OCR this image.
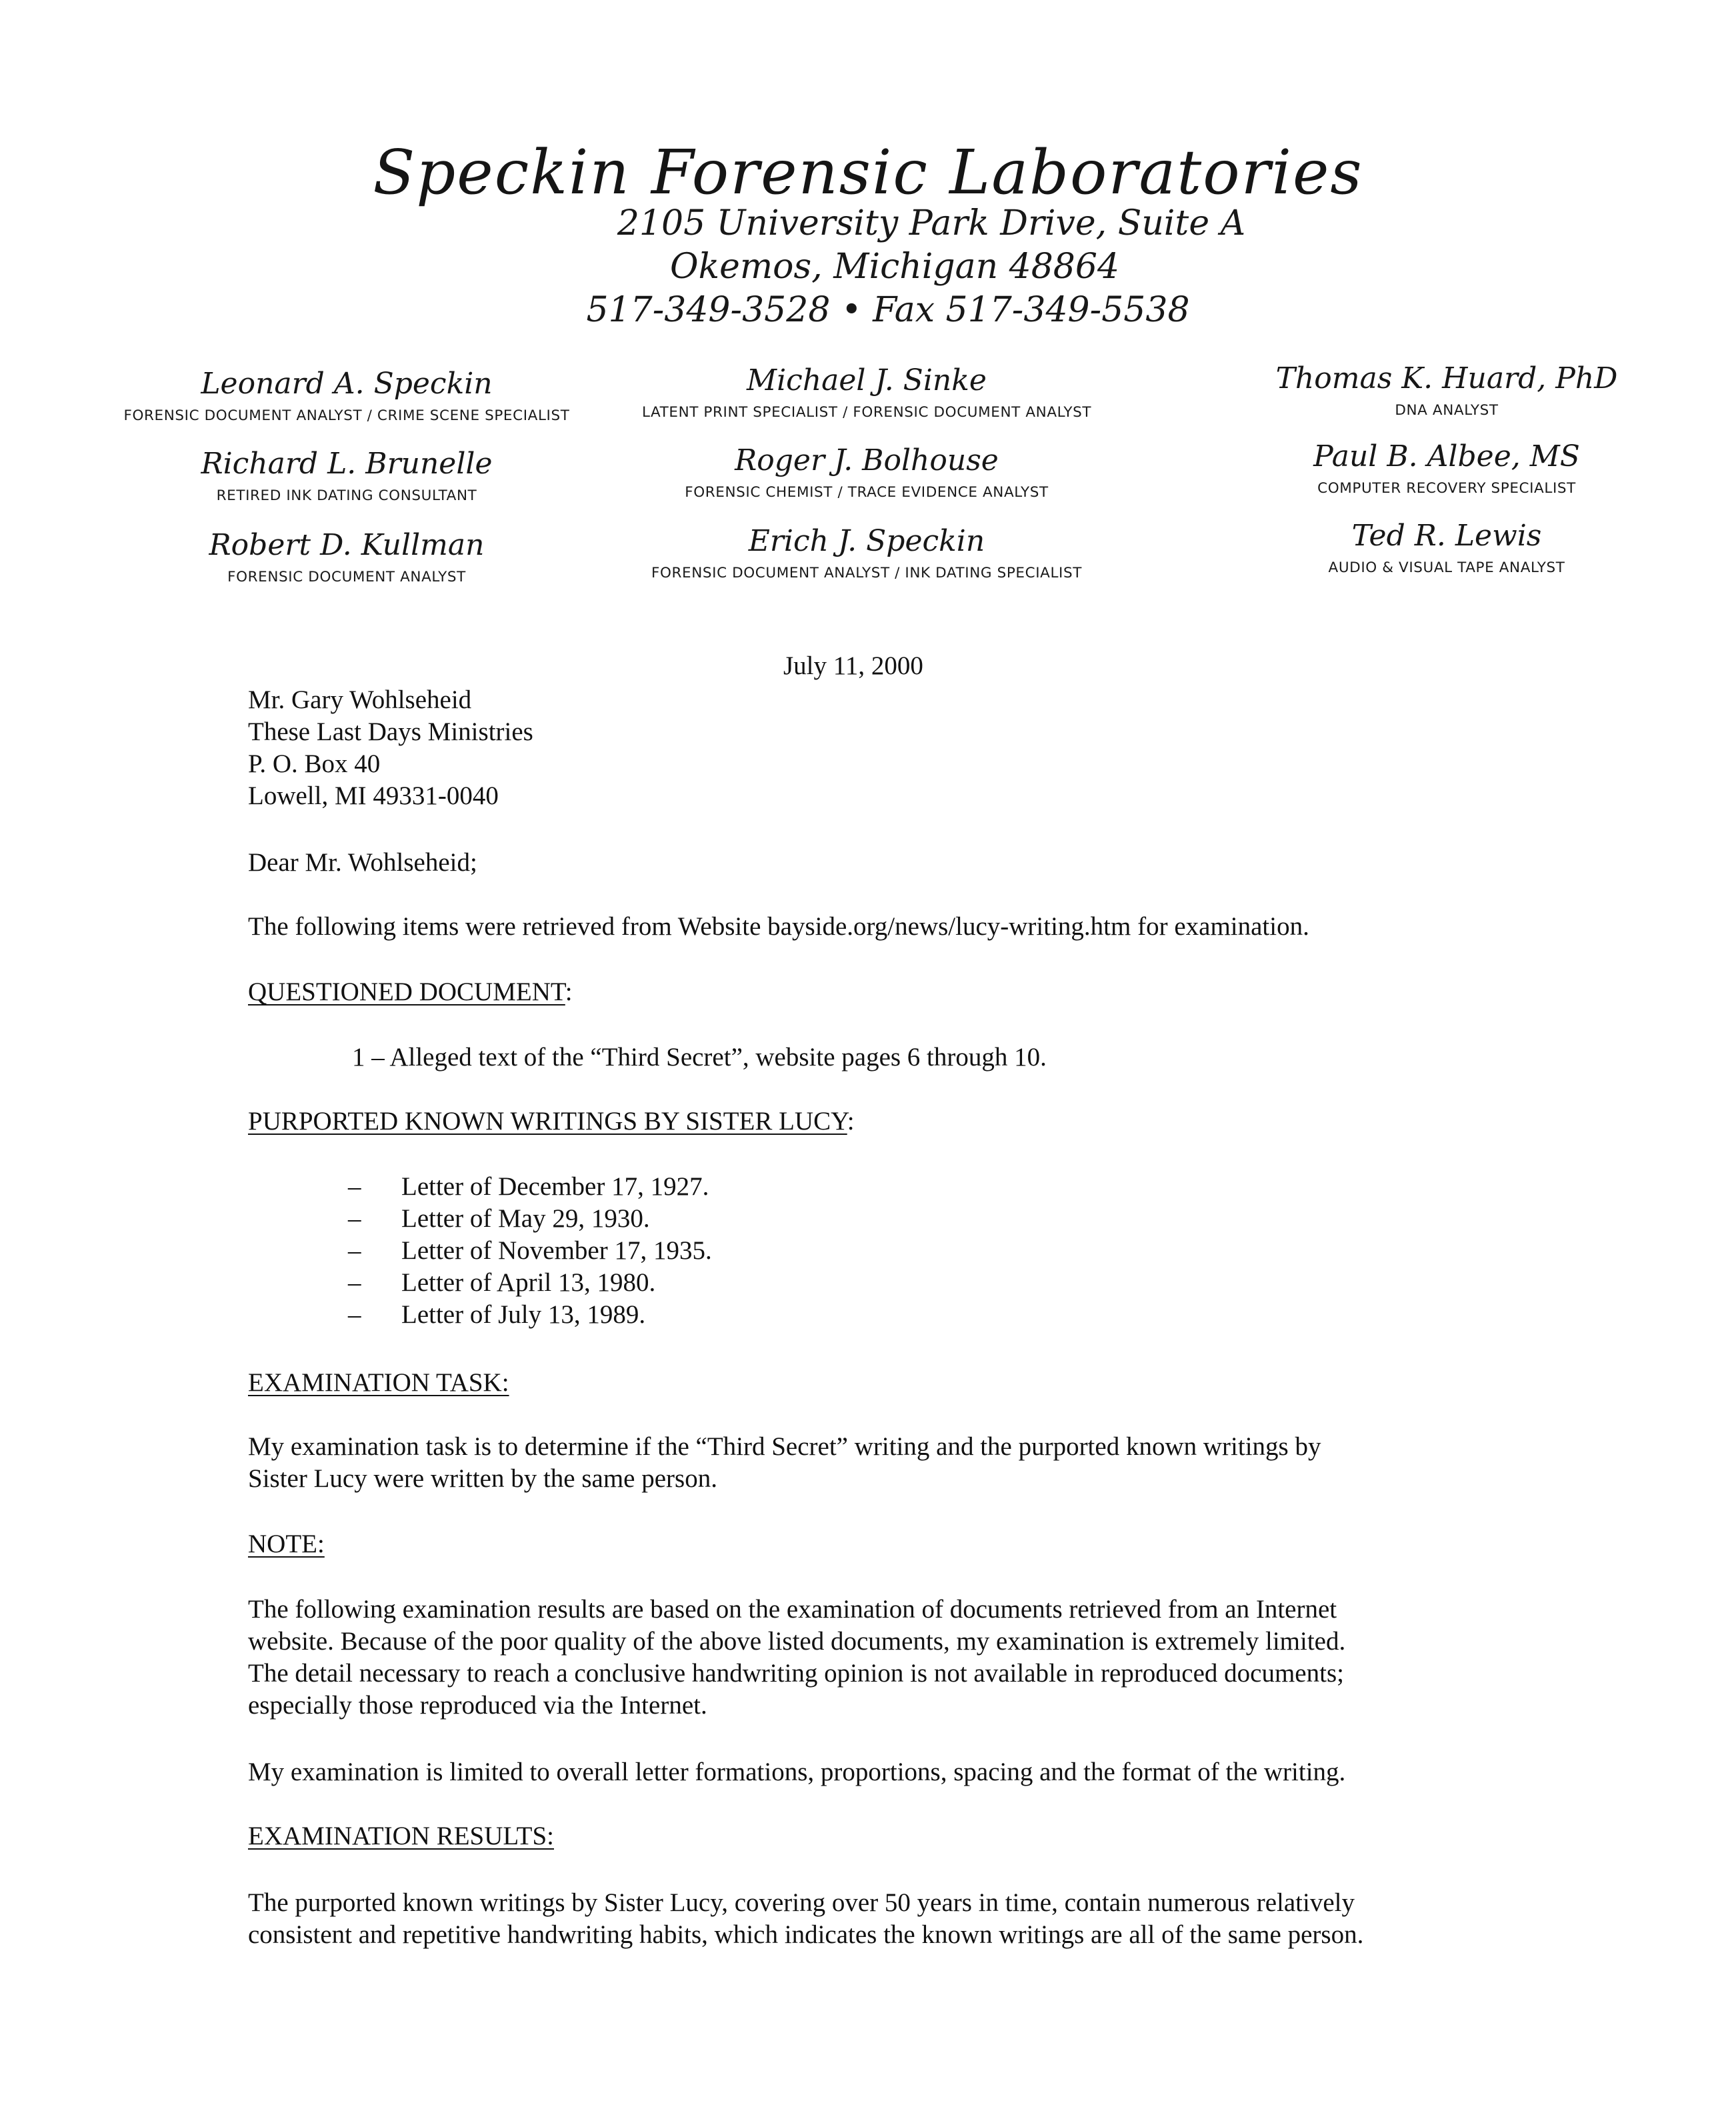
Speckin Forensic Laboratories
2105 University Park Drive, Suite A
Okemos, Michigan 48864
517-349-3528 • Fax 517-349-5538
Leonard A. Speckin
FORENSIC DOCUMENT ANALYST / CRIME SCENE SPECIALIST
Richard L. Brunelle
RETIRED INK DATING CONSULTANT
Robert D. Kullman
FORENSIC DOCUMENT ANALYST
Michael J. Sinke
LATENT PRINT SPECIALIST / FORENSIC DOCUMENT ANALYST
Roger J. Bolhouse
FORENSIC CHEMIST / TRACE EVIDENCE ANALYST
Erich J. Speckin
FORENSIC DOCUMENT ANALYST / INK DATING SPECIALIST
Thomas K. Huard, PhD
DNA ANALYST
Paul B. Albee, MS
COMPUTER RECOVERY SPECIALIST
Ted R. Lewis
AUDIO & VISUAL TAPE ANALYST
July 11, 2000
Mr. Gary Wohlseheid
These Last Days Ministries
P. O. Box 40
Lowell, MI 49331-0040
Dear Mr. Wohlseheid;
The following items were retrieved from Website bayside.org/news/lucy-writing.htm for examination.
QUESTIONED DOCUMENT:
1 – Alleged text of the “Third Secret”, website pages 6 through 10.
PURPORTED KNOWN WRITINGS BY SISTER LUCY:
–	Letter of December 17, 1927.
–	Letter of May 29, 1930.
–	Letter of November 17, 1935.
–	Letter of April 13, 1980.
–	Letter of July 13, 1989.
EXAMINATION TASK:
My examination task is to determine if the “Third Secret” writing and the purported known writings by
Sister Lucy were written by the same person.
NOTE:
The following examination results are based on the examination of documents retrieved from an Internet
website. Because of the poor quality of the above listed documents, my examination is extremely limited.
The detail necessary to reach a conclusive handwriting opinion is not available in reproduced documents;
especially those reproduced via the Internet.
My examination is limited to overall letter formations, proportions, spacing and the format of the writing.
EXAMINATION RESULTS:
The purported known writings by Sister Lucy, covering over 50 years in time, contain numerous relatively
consistent and repetitive handwriting habits, which indicates the known writings are all of the same person.
